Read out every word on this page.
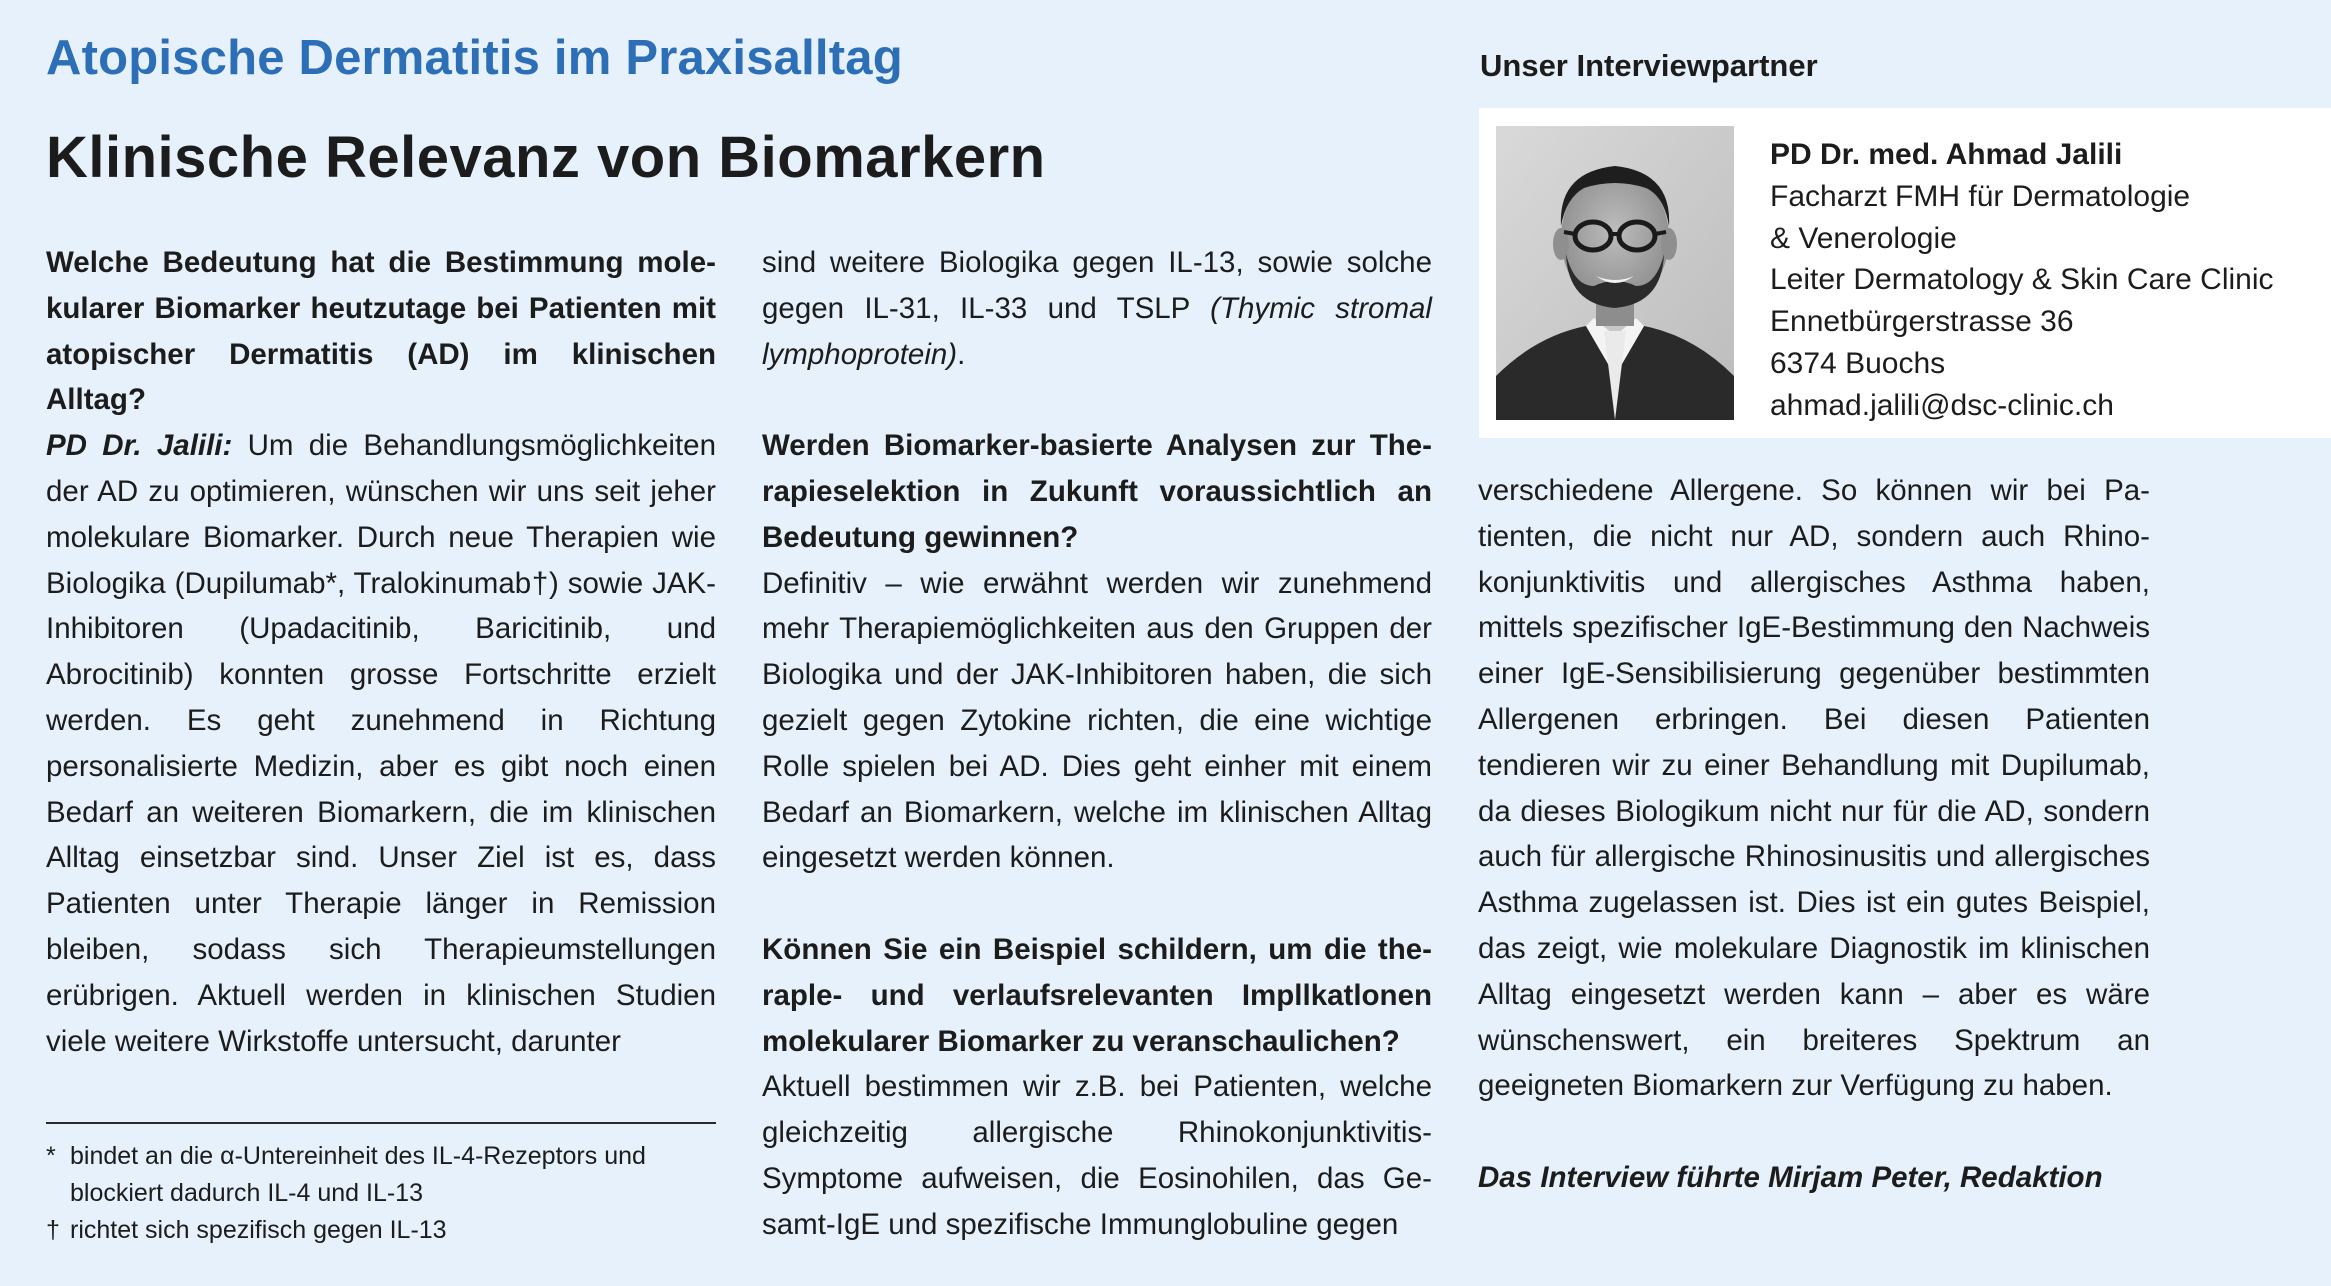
Atopische Dermatitis im Praxisalltag
Klinische Relevanz von Biomarkern

Welche Bedeutung hat die Bestimmung molekularer Biomarker heutzutage bei Patienten mit atopischer Dermatitis (AD) im klinischen Alltag?

PD Dr. Jalili: Um die Behandlungsmöglichkeiten der AD zu optimieren, wünschen wir uns seit jeher molekulare Biomarker. Durch neue Therapien wie Biologika (Dupilumab*, Tralokinumab†) sowie JAK-Inhibitoren (Upadacitinib, Baricitinib, und Abrocitinib) konnten grosse Fortschritte erzielt werden. Es geht zunehmend in Richtung personalisierte Medizin, aber es gibt noch einen Bedarf an weiteren Biomarkern, die im klinischen Alltag einsetzbar sind. Unser Ziel ist es, dass Patienten unter Therapie länger in Remission bleiben, sodass sich Therapieumstellungen erübrigen. Aktuell werden in klinischen Studien viele weitere Wirkstoffe untersucht, darunter

* bindet an die α-Untereinheit des IL-4-Rezeptors und blockiert dadurch IL-4 und IL-13
† richtet sich spezifisch gegen IL-13

sind weitere Biologika gegen IL-13, sowie solche gegen IL-31, IL-33 und TSLP (Thymic stromal lymphoprotein).

Werden Biomarker-basierte Analysen zur Therapieselektion in Zukunft voraussichtlich an Bedeutung gewinnen?

Definitiv – wie erwähnt werden wir zunehmend mehr Therapiemöglichkeiten aus den Gruppen der Biologika und der JAK-Inhibitoren haben, die sich gezielt gegen Zytokine richten, die eine wichtige Rolle spielen bei AD. Dies geht einher mit einem Bedarf an Biomarkern, welche im klinischen Alltag eingesetzt werden können.

Können Sie ein Beispiel schildern, um die theraple- und verlaufsrelevanten Impllkatlonen molekularer Biomarker zu veranschaulichen?

Aktuell bestimmen wir z.B. bei Patienten, welche gleichzeitig allergische Rhinokonjunktivitis-Symptome aufweisen, die Eosinohilen, das Gesamt-IgE und spezifische Immunglobuline gegen

Unser Interviewpartner
PD Dr. med. Ahmad Jalili
Facharzt FMH für Dermatologie
& Venerologie
Leiter Dermatology & Skin Care Clinic
Ennetbürgerstrasse 36
6374 Buochs
ahmad.jalili@dsc-clinic.ch

verschiedene Allergene. So können wir bei Patienten, die nicht nur AD, sondern auch Rhinokonjunktivitis und allergisches Asthma haben, mittels spezifischer IgE-Bestimmung den Nachweis einer IgE-Sensibilisierung gegenüber bestimmten Allergenen erbringen. Bei diesen Patienten tendieren wir zu einer Behandlung mit Dupilumab, da dieses Biologikum nicht nur für die AD, sondern auch für allergische Rhinosinusitis und allergisches Asthma zugelassen ist. Dies ist ein gutes Beispiel, das zeigt, wie molekulare Diagnostik im klinischen Alltag eingesetzt werden kann – aber es wäre wünschenswert, ein breiteres Spektrum an geeigneten Biomarkern zur Verfügung zu haben.

Das Interview führte Mirjam Peter, Redaktion
